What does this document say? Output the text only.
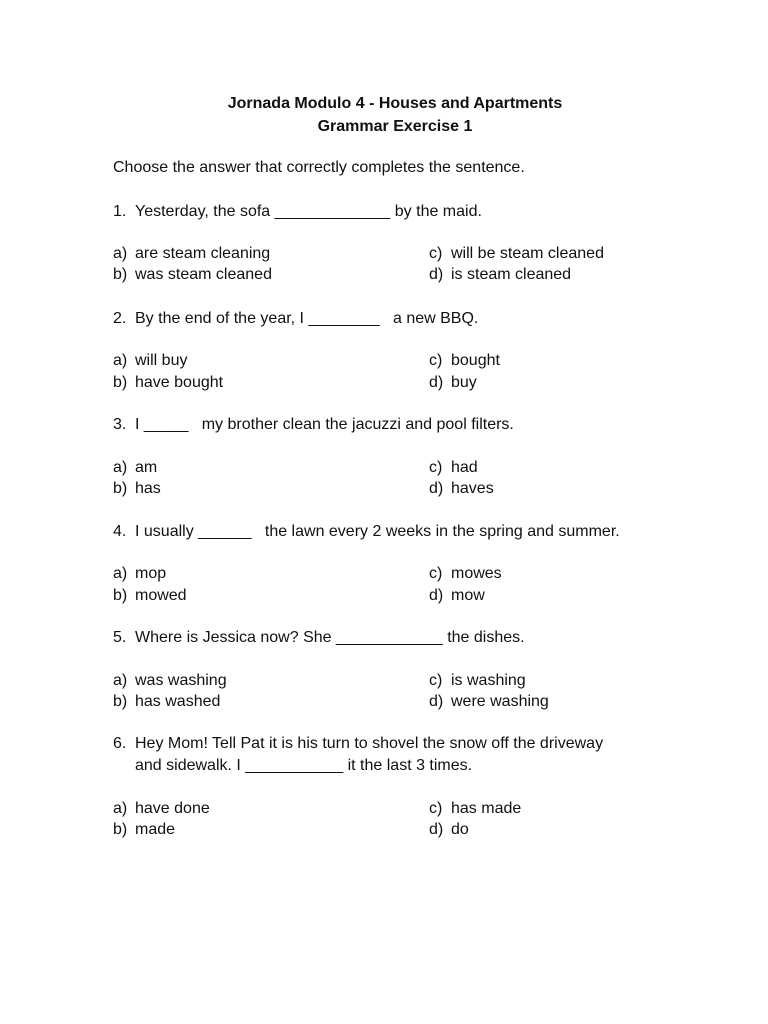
Jornada Modulo 4 - Houses and Apartments
Grammar Exercise 1
Choose the answer that correctly completes the sentence.
1. Yesterday, the sofa _____________ by the maid.
a) are steam cleaning
b) was steam cleaned
c) will be steam cleaned
d) is steam cleaned
2. By the end of the year, I ________   a new BBQ.
a) will buy
b) have bought
c) bought
d) buy
3. I _____   my brother clean the jacuzzi and pool filters.
a) am
b) has
c) had
d) haves
4. I usually ______   the lawn every 2 weeks in the spring and summer.
a) mop
b) mowed
c) mowes
d) mow
5. Where is Jessica now? She ____________ the dishes.
a) was washing
b) has washed
c) is washing
d) were washing
6. Hey Mom! Tell Pat it is his turn to shovel the snow off the driveway
and sidewalk. I ___________ it the last 3 times.
a) have done
b) made
c) has made
d) do
